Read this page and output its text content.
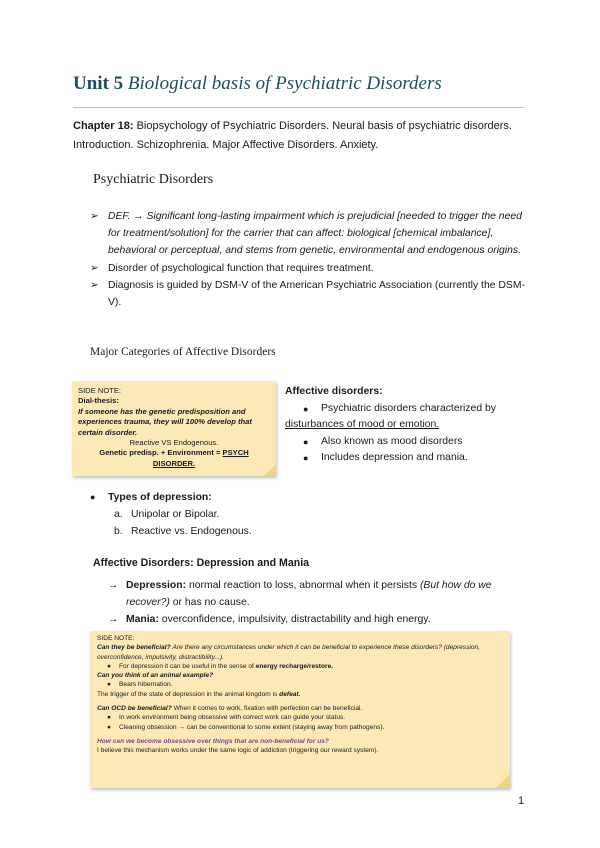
Unit 5 Biological basis of Psychiatric Disorders
Chapter 18: Biopsychology of Psychiatric Disorders. Neural basis of psychiatric disorders. Introduction. Schizophrenia. Major Affective Disorders. Anxiety.
Psychiatric Disorders
➢ DEF. → Significant long-lasting impairment which is prejudicial [needed to trigger the need for treatment/solution] for the carrier that can affect: biological [chemical imbalance], behavioral or perceptual, and stems from genetic, environmental and endogenous origins.
➢ Disorder of psychological function that requires treatment.
➢ Diagnosis is guided by DSM-V of the American Psychiatric Association (currently the DSM-V).
Major Categories of Affective Disorders
SIDE NOTE:
Dial-thesis:
If someone has the genetic predisposition and experiences trauma, they will 100% develop that certain disorder.
Reactive VS Endogenous.
Genetic predisp. + Environment = PSYCH DISORDER.
Affective disorders:
● Psychiatric disorders characterized by
disturbances of mood or emotion.
● Also known as mood disorders
● Includes depression and mania.
● Types of depression:
a. Unipolar or Bipolar.
b. Reactive vs. Endogenous.
Affective Disorders: Depression and Mania
→ Depression: normal reaction to loss, abnormal when it persists (But how do we recover?) or has no cause.
→ Mania: overconfidence, impulsivity, distractability and high energy.
SIDE NOTE:
Can they be beneficial? Are there any circumstances under which it can be beneficial to experience these disorders? (depression, overconfidence, impulsivity, distractibility...).
● For depression it can be useful in the sense of energy recharge/restore.
Can you think of an animal example?
● Bears hibernation.
The trigger of the state of depression in the animal kingdom is defeat.
Can OCD be beneficial? When it comes to work, fixation with perfection can be beneficial.
● In work environment being obsessive with correct work can guide your status.
● Cleaning obsession → can be conventional to some extent (staying away from pathogens).
How can we become obsessive over things that are non-beneficial for us?
I believe this mechanism works under the same logic of addiction (triggering our reward system).
1
